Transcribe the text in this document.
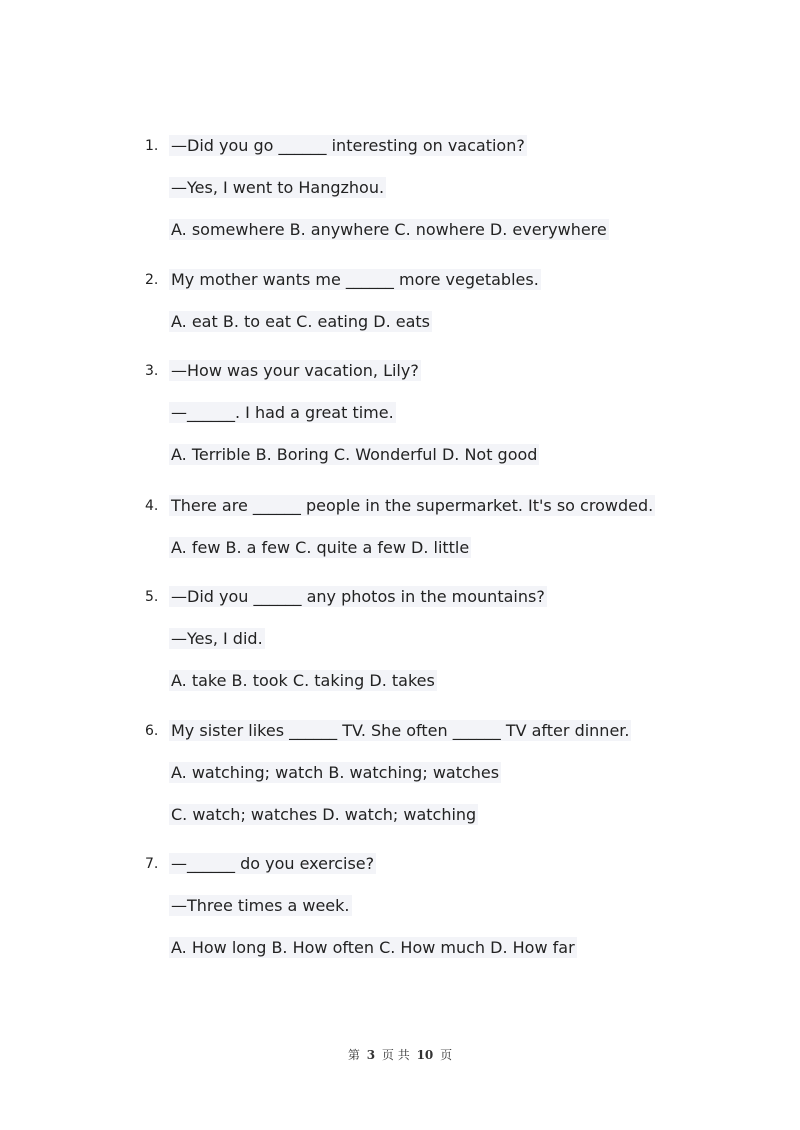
1. —Did you go ______ interesting on vacation?
—Yes, I went to Hangzhou.
A. somewhere B. anywhere C. nowhere D. everywhere
2. My mother wants me ______ more vegetables.
A. eat B. to eat C. eating D. eats
3. —How was your vacation, Lily?
—______. I had a great time.
A. Terrible B. Boring C. Wonderful D. Not good
4. There are ______ people in the supermarket. It's so crowded.
A. few B. a few C. quite a few D. little
5. —Did you ______ any photos in the mountains?
—Yes, I did.
A. take B. took C. taking D. takes
6. My sister likes ______ TV. She often ______ TV after dinner.
A. watching; watch B. watching; watches
C. watch; watches D. watch; watching
7. —______ do you exercise?
—Three times a week.
A. How long B. How often C. How much D. How far
第 3 页 共 10 页
